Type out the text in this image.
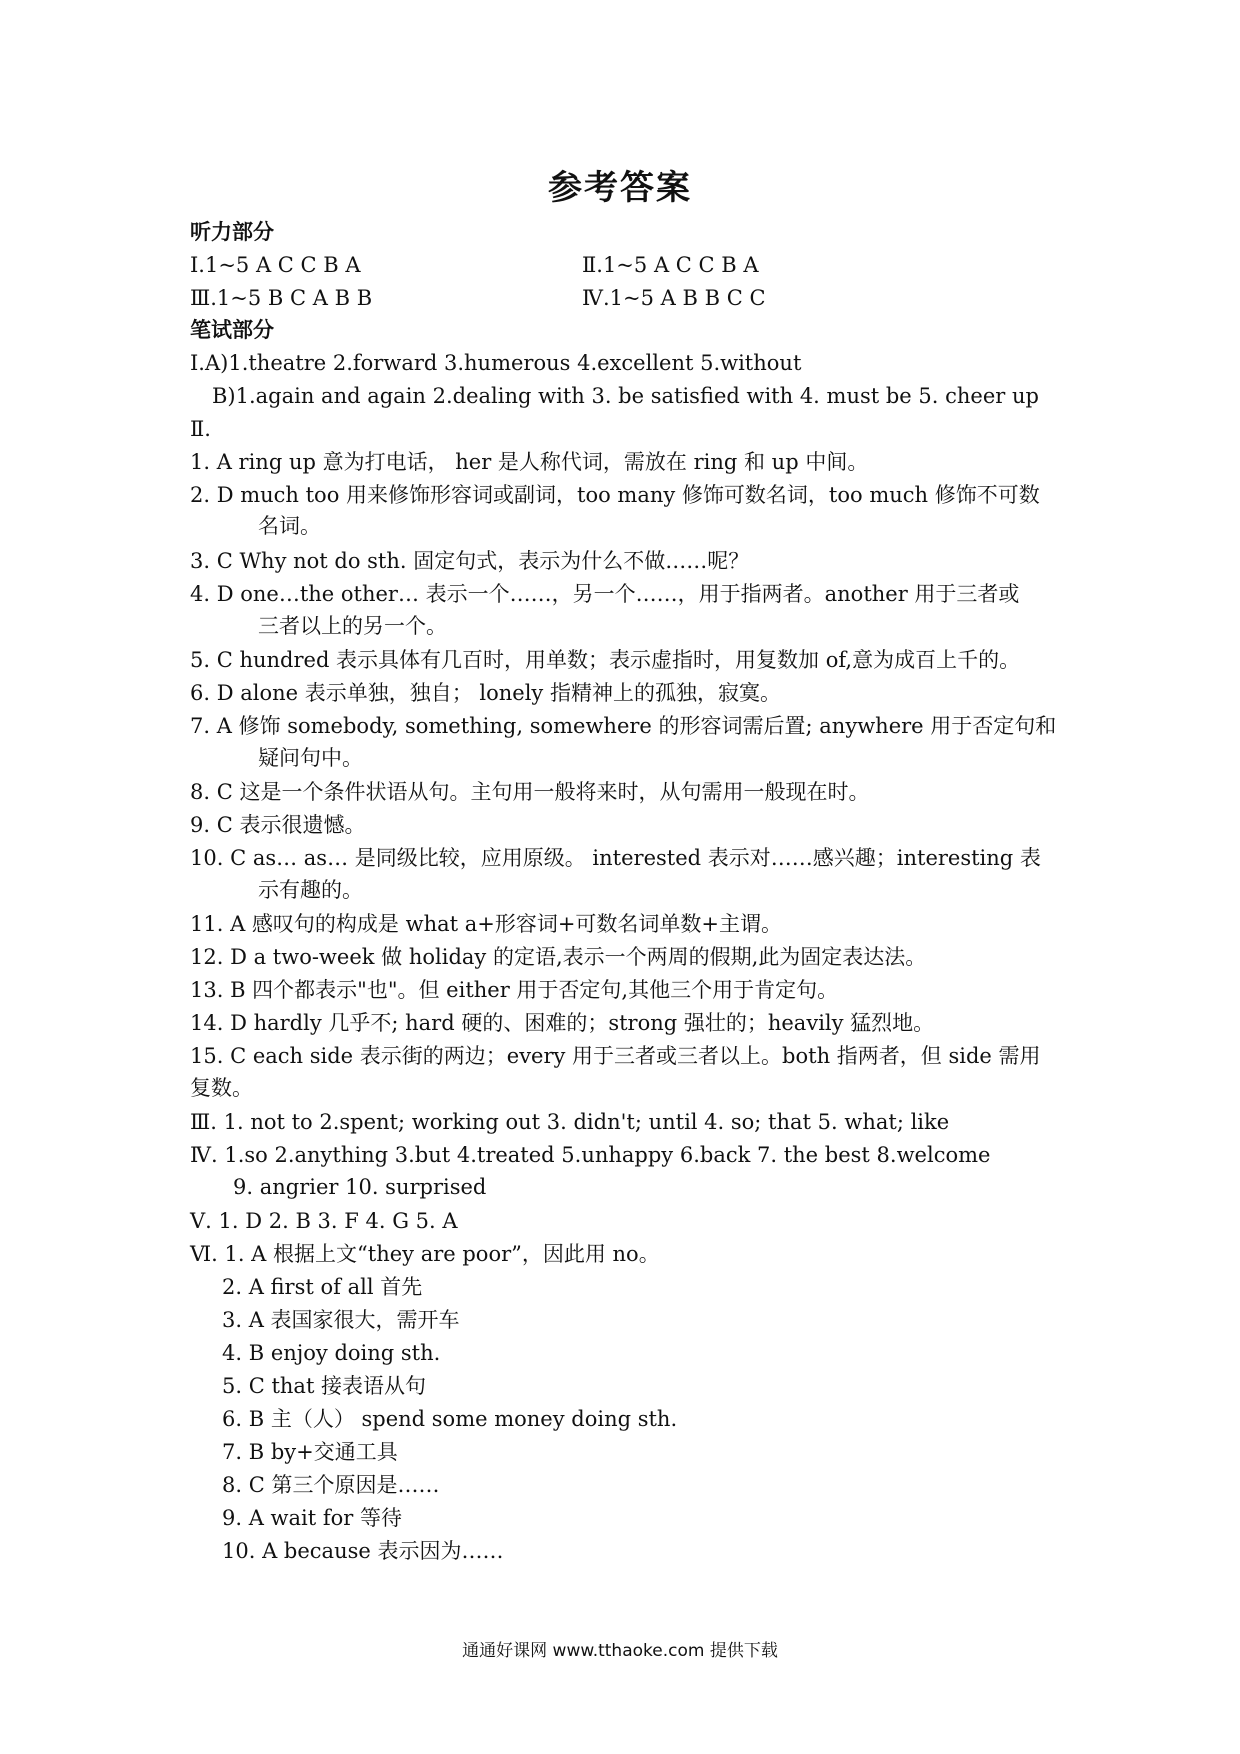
参考答案
听力部分
Ⅰ.1~5 A C C B A	Ⅱ.1~5 A C C B A
Ⅲ.1~5 B C A B B	Ⅳ.1~5 A B B C C
笔试部分
Ⅰ.A)1.theatre 2.forward 3.humerous 4.excellent 5.without
B)1.again and again 2.dealing with 3. be satisfied with 4. must be 5. cheer up
Ⅱ.
1. A ring up 意为打电话， her 是人称代词，需放在 ring 和 up 中间。
2. D much too 用来修饰形容词或副词，too many 修饰可数名词，too much 修饰不可数
名词。
3. C Why not do sth. 固定句式，表示为什么不做……呢？
4. D one…the other… 表示一个……，另一个……，用于指两者。another 用于三者或
三者以上的另一个。
5. C hundred 表示具体有几百时，用单数；表示虚指时，用复数加 of,意为成百上千的。
6. D alone 表示单独，独自； lonely 指精神上的孤独，寂寞。
7. A 修饰 somebody, something, somewhere 的形容词需后置; anywhere 用于否定句和
疑问句中。
8. C 这是一个条件状语从句。主句用一般将来时，从句需用一般现在时。
9. C 表示很遗憾。
10. C as… as… 是同级比较，应用原级。 interested 表示对……感兴趣；interesting 表
示有趣的。
11. A 感叹句的构成是 what a+形容词+可数名词单数+主谓。
12. D a two-week 做 holiday 的定语,表示一个两周的假期,此为固定表达法。
13. B 四个都表示"也"。但 either 用于否定句,其他三个用于肯定句。
14. D hardly 几乎不; hard 硬的、困难的；strong 强壮的；heavily 猛烈地。
15. C each side 表示街的两边；every 用于三者或三者以上。both 指两者，但 side 需用
复数。
Ⅲ. 1. not to 2.spent; working out 3. didn't; until 4. so; that 5. what; like
Ⅳ. 1.so 2.anything 3.but 4.treated 5.unhappy 6.back 7. the best 8.welcome
9. angrier 10. surprised
Ⅴ. 1. D 2. B 3. F 4. G 5. A
Ⅵ. 1. A 根据上文“they are poor”，因此用 no。
2. A first of all 首先
3. A 表国家很大，需开车
4. B enjoy doing sth.
5. C that 接表语从句
6. B 主（人） spend some money doing sth.
7. B by+交通工具
8. C 第三个原因是……
9. A wait for 等待
10. A because 表示因为……
通通好课网 www.tthaoke.com 提供下载
